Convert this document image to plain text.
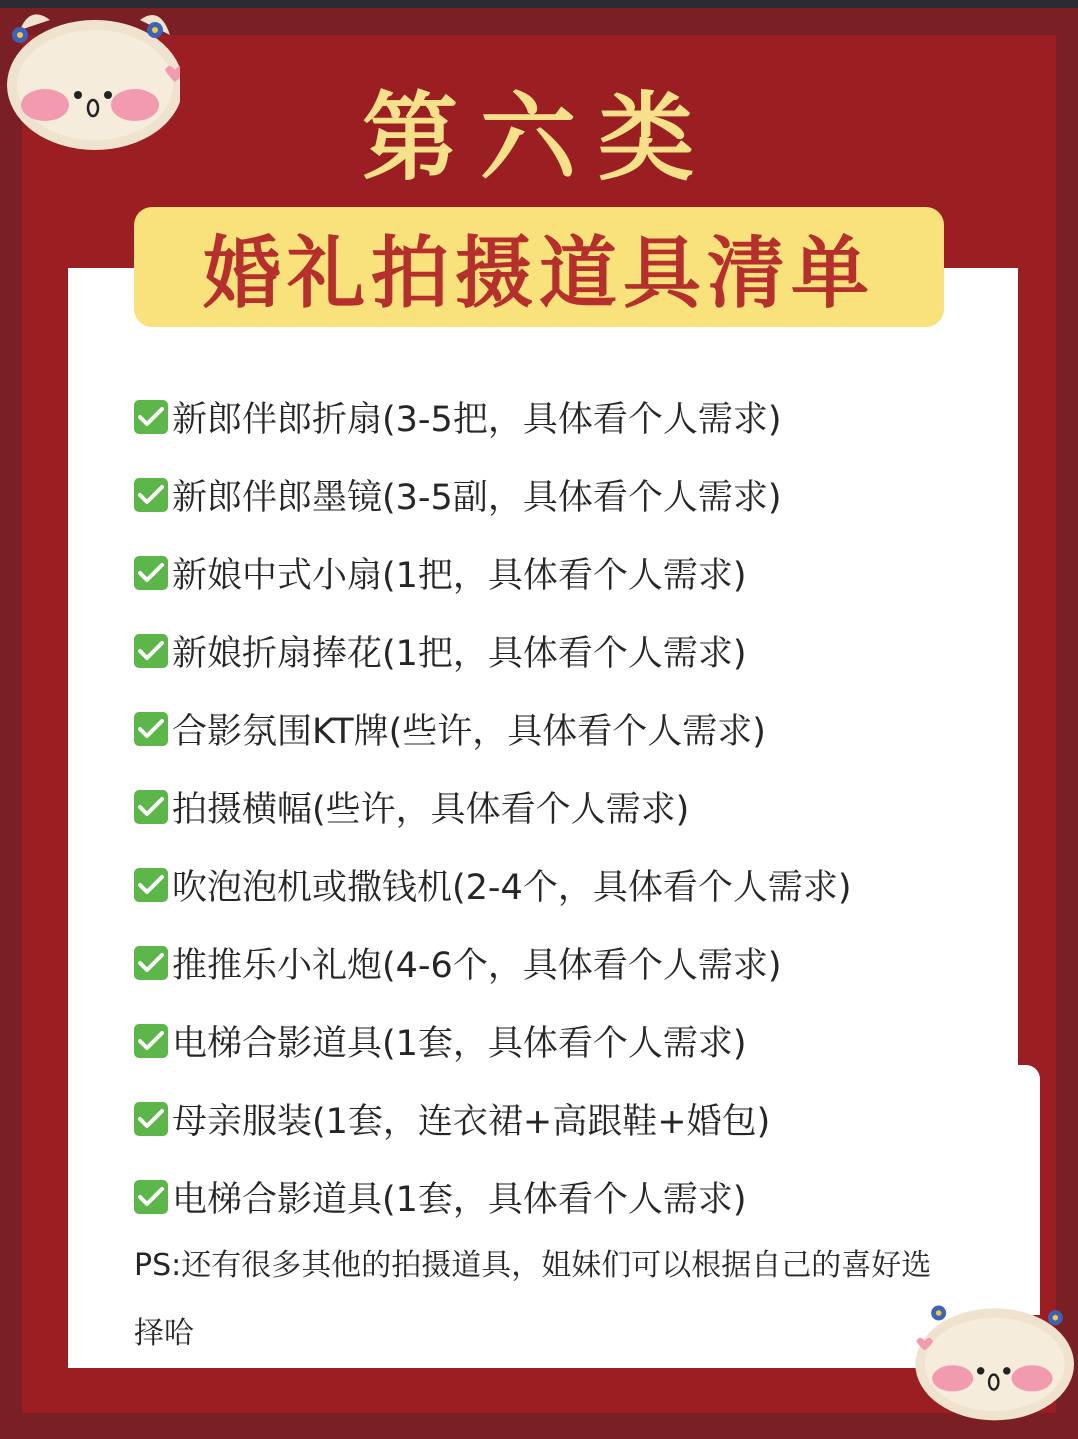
第六类
婚礼拍摄道具清单
新郎伴郎折扇(3-5把，具体看个人需求)
新郎伴郎墨镜(3-5副，具体看个人需求)
新娘中式小扇(1把，具体看个人需求)
新娘折扇捧花(1把，具体看个人需求)
合影氛围KT牌(些许，具体看个人需求)
拍摄横幅(些许，具体看个人需求)
吹泡泡机或撒钱机(2-4个，具体看个人需求)
推推乐小礼炮(4-6个，具体看个人需求)
电梯合影道具(1套，具体看个人需求)
母亲服装(1套，连衣裙+高跟鞋+婚包)
电梯合影道具(1套，具体看个人需求)
PS:还有很多其他的拍摄道具，姐妹们可以根据自己的喜好选
择哈
